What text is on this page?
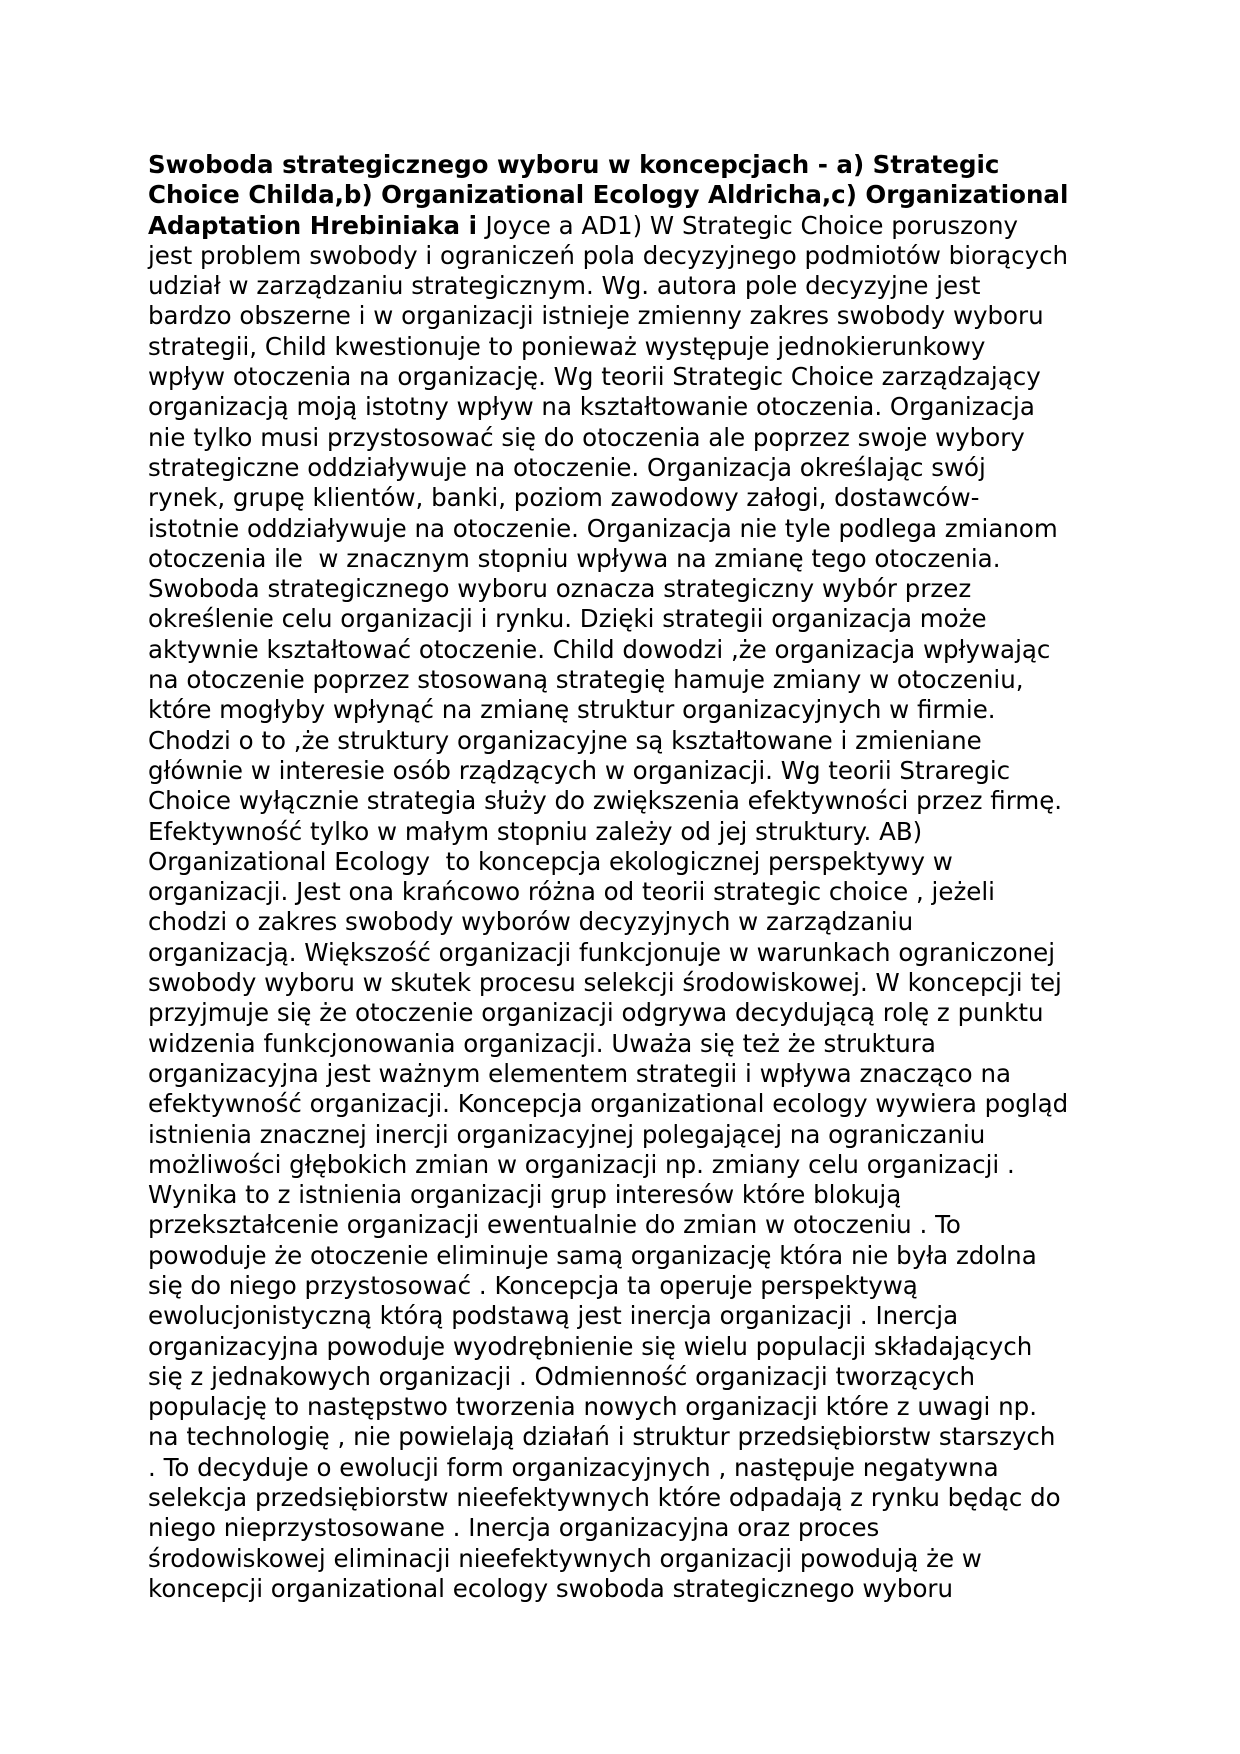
Swoboda strategicznego wyboru w koncepcjach - a) Strategic
Choice Childa,b) Organizational Ecology Aldricha,c) Organizational
Adaptation Hrebiniaka i Joyce a AD1) W Strategic Choice poruszony
jest problem swobody i ograniczeń pola decyzyjnego podmiotów biorących
udział w zarządzaniu strategicznym. Wg. autora pole decyzyjne jest
bardzo obszerne i w organizacji istnieje zmienny zakres swobody wyboru
strategii, Child kwestionuje to ponieważ występuje jednokierunkowy
wpływ otoczenia na organizację. Wg teorii Strategic Choice zarządzający
organizacją moją istotny wpływ na kształtowanie otoczenia. Organizacja
nie tylko musi przystosować się do otoczenia ale poprzez swoje wybory
strategiczne oddziaływuje na otoczenie. Organizacja określając swój
rynek, grupę klientów, banki, poziom zawodowy załogi, dostawców-
istotnie oddziaływuje na otoczenie. Organizacja nie tyle podlega zmianom
otoczenia ile  w znacznym stopniu wpływa na zmianę tego otoczenia.
Swoboda strategicznego wyboru oznacza strategiczny wybór przez
określenie celu organizacji i rynku. Dzięki strategii organizacja może
aktywnie kształtować otoczenie. Child dowodzi ,że organizacja wpływając
na otoczenie poprzez stosowaną strategię hamuje zmiany w otoczeniu,
które mogłyby wpłynąć na zmianę struktur organizacyjnych w firmie.
Chodzi o to ,że struktury organizacyjne są kształtowane i zmieniane
głównie w interesie osób rządzących w organizacji. Wg teorii Straregic
Choice wyłącznie strategia służy do zwiększenia efektywności przez firmę.
Efektywność tylko w małym stopniu zależy od jej struktury. AB)
Organizational Ecology  to koncepcja ekologicznej perspektywy w
organizacji. Jest ona krańcowo różna od teorii strategic choice , jeżeli
chodzi o zakres swobody wyborów decyzyjnych w zarządzaniu
organizacją. Większość organizacji funkcjonuje w warunkach ograniczonej
swobody wyboru w skutek procesu selekcji środowiskowej. W koncepcji tej
przyjmuje się że otoczenie organizacji odgrywa decydującą rolę z punktu
widzenia funkcjonowania organizacji. Uważa się też że struktura
organizacyjna jest ważnym elementem strategii i wpływa znacząco na
efektywność organizacji. Koncepcja organizational ecology wywiera pogląd
istnienia znacznej inercji organizacyjnej polegającej na ograniczaniu
możliwości głębokich zmian w organizacji np. zmiany celu organizacji .
Wynika to z istnienia organizacji grup interesów które blokują
przekształcenie organizacji ewentualnie do zmian w otoczeniu . To
powoduje że otoczenie eliminuje samą organizację która nie była zdolna
się do niego przystosować . Koncepcja ta operuje perspektywą
ewolucjonistyczną którą podstawą jest inercja organizacji . Inercja
organizacyjna powoduje wyodrębnienie się wielu populacji składających
się z jednakowych organizacji . Odmienność organizacji tworzących
populację to następstwo tworzenia nowych organizacji które z uwagi np.
na technologię , nie powielają działań i struktur przedsiębiorstw starszych
. To decyduje o ewolucji form organizacyjnych , następuje negatywna
selekcja przedsiębiorstw nieefektywnych które odpadają z rynku będąc do
niego nieprzystosowane . Inercja organizacyjna oraz proces
środowiskowej eliminacji nieefektywnych organizacji powodują że w
koncepcji organizational ecology swoboda strategicznego wyboru
